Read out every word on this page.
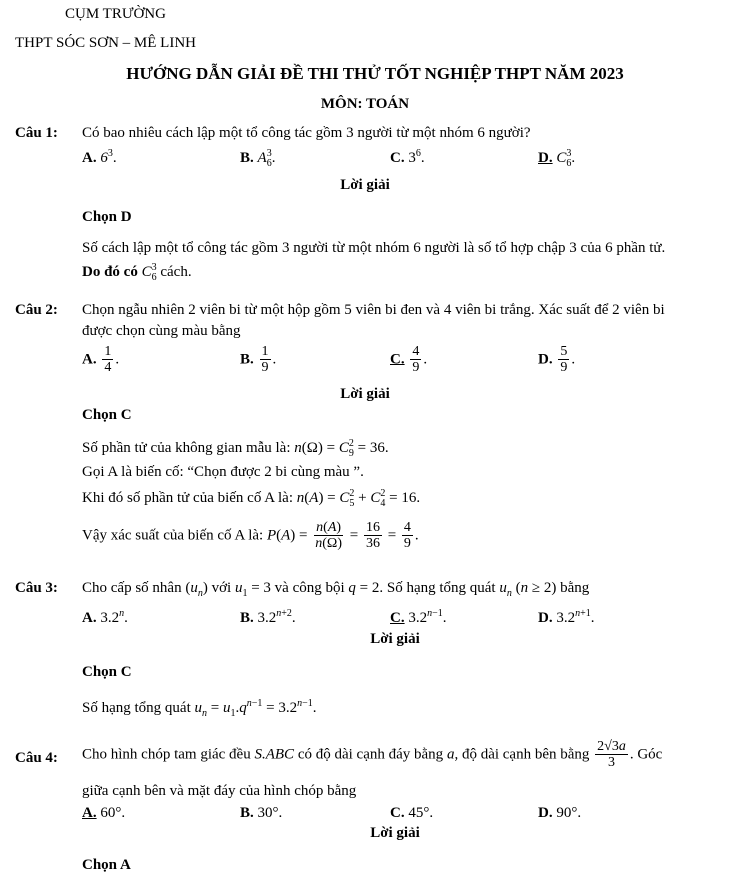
CỤM TRƯỜNG
THPT SÓC SƠN – MÊ LINH
HƯỚNG DẪN GIẢI ĐỀ THI THỬ TỐT NGHIỆP THPT NĂM 2023
MÔN: TOÁN
Câu 1: Có bao nhiêu cách lập một tổ công tác gồm 3 người từ một nhóm 6 người?
A. $6^3$.	B. $A_6^3$.	C. $3^6$.	D. $C_6^3$.
Lời giải
Chọn D
Số cách lập một tổ công tác gồm 3 người từ một nhóm 6 người là số tổ hợp chập 3 của 6 phần tử.
Do đó có $C_6^3$ cách.
Câu 2: Chọn ngẫu nhiên 2 viên bi từ một hộp gồm 5 viên bi đen và 4 viên bi trắng. Xác suất để 2 viên bi
được chọn cùng màu bằng
A. $\frac{1}{4}$ .	B. $\frac{1}{9}$ .	C. $\frac{4}{9}$ .	D. $\frac{5}{9}$ .
Lời giải
Chọn C
Số phần tử của không gian mẫu là: $n(\Omega) = C_9^2 = 36$.
Gọi A là biến cố: “Chọn được 2 bi cùng màu ”.
Khi đó số phần tử của biến cố A là: $n(A) = C_5^2 + C_4^2 = 16$.
Vậy xác suất của biến cố A là: $P(A) = \frac{n(A)}{n(\Omega)} = \frac{16}{36} = \frac{4}{9}$ .
Câu 3: Cho cấp số nhân $(u_n)$ với $u_1 = 3$ và công bội q = 2. Số hạng tổng quát $u_n$ (n ≥ 2) bằng
A. 3.2$^n$.	B. $3.2^{n+2}$.	C. $3.2^{n-1}$.	D. $3.2^{n+1}$.
Lời giải
Chọn C
Số hạng tổng quát $u_n = u_1.q^{n-1} = 3.2^{n-1}$.
Câu 4: Cho hình chóp tam giác đều S.ABC có độ dài cạnh đáy bằng a, độ dài cạnh bên bằng $\frac{2√3a}{3}$ . Góc
giữa cạnh bên và mặt đáy của hình chóp bằng
A. 60°.	B. 30°.	C. 45°.	D. 90°.
Lời giải
Chọn A
